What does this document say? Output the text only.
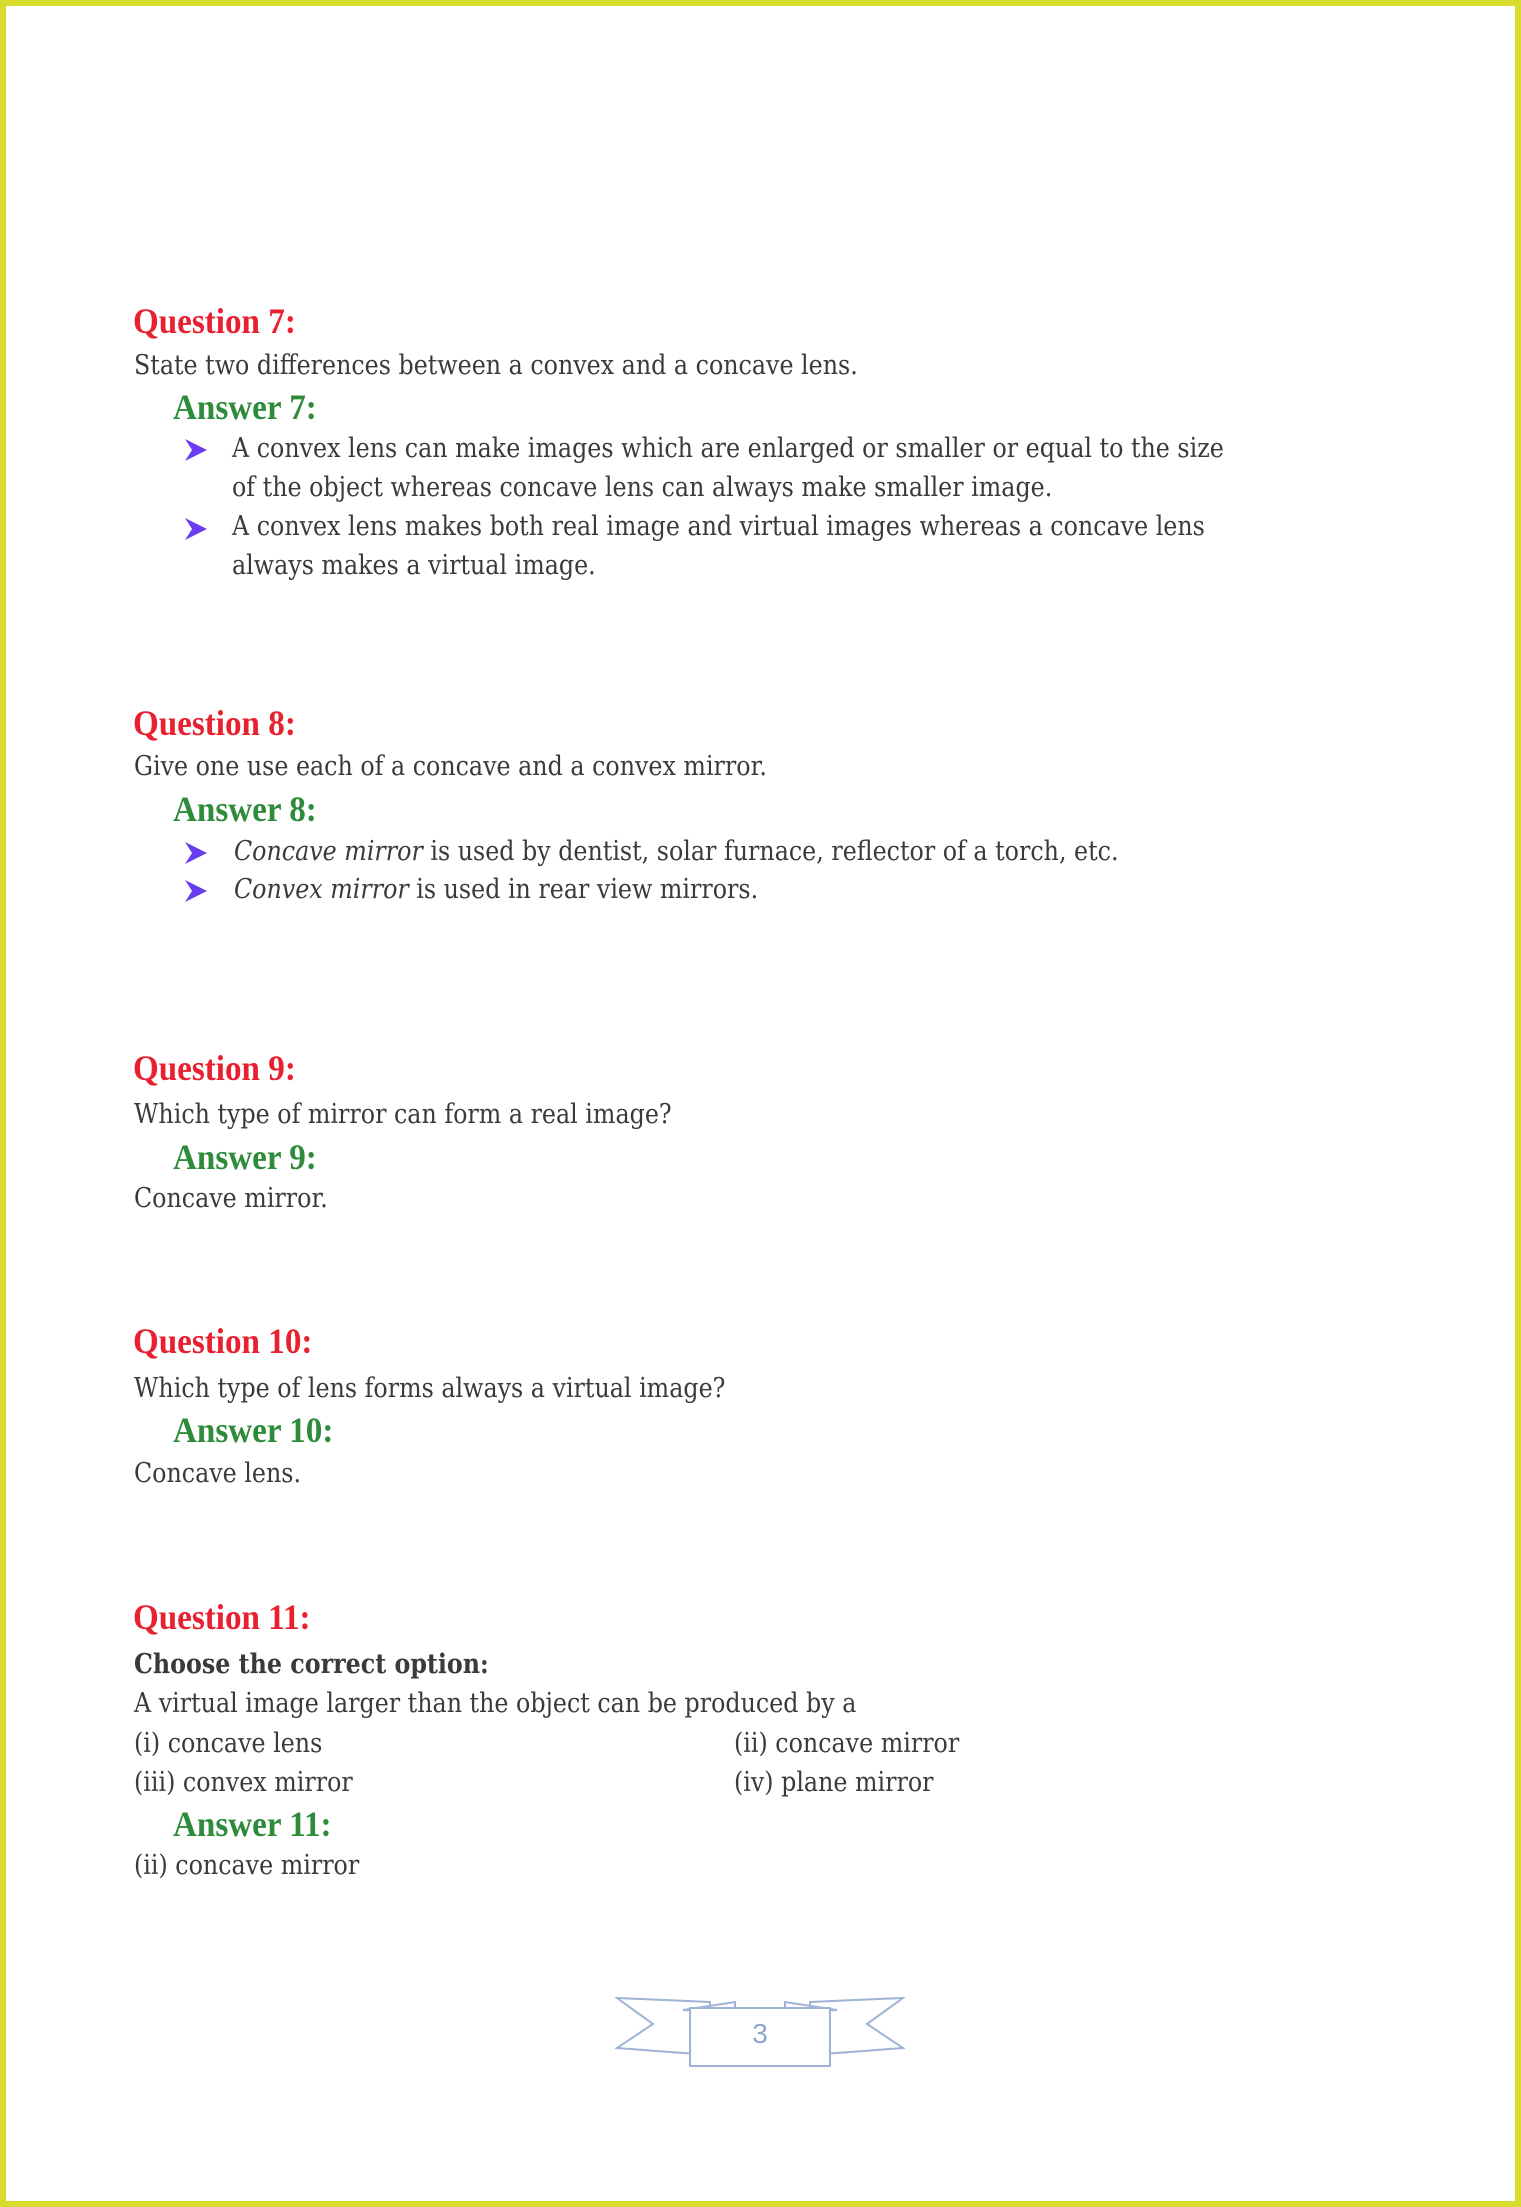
Question 7:
State two differences between a convex and a concave lens.
Answer 7:
A convex lens can make images which are enlarged or smaller or equal to the size
of the object whereas concave lens can always make smaller image.
A convex lens makes both real image and virtual images whereas a concave lens
always makes a virtual image.
Question 8:
Give one use each of a concave and a convex mirror.
Answer 8:
Concave mirror is used by dentist, solar furnace, reflector of a torch, etc.
Convex mirror is used in rear view mirrors.
Question 9:
Which type of mirror can form a real image?
Answer 9:
Concave mirror.
Question 10:
Which type of lens forms always a virtual image?
Answer 10:
Concave lens.
Question 11:
Choose the correct option:
A virtual image larger than the object can be produced by a
(i) concave lens	(ii) concave mirror
(iii) convex mirror	(iv) plane mirror
Answer 11:
(ii) concave mirror
3
